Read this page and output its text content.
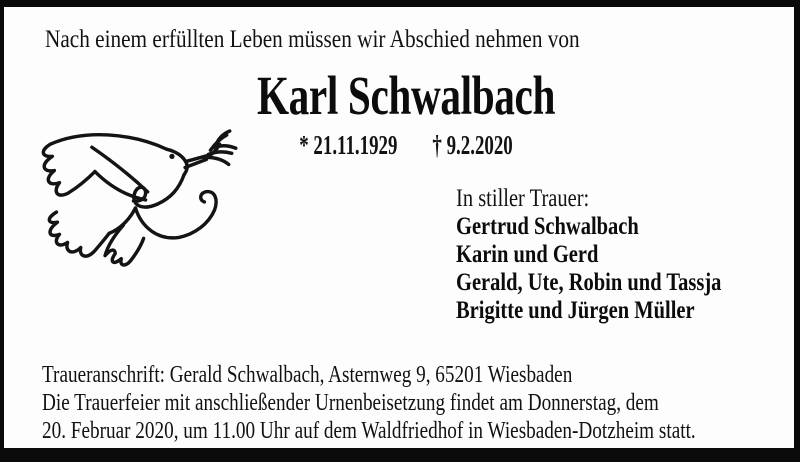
Nach einem erfüllten Leben müssen wir Abschied nehmen von
Karl Schwalbach
* 21.11.1929 † 9.2.2020
In stiller Trauer:
Gertrud Schwalbach
Karin und Gerd
Gerald, Ute, Robin und Tassja
Brigitte und Jürgen Müller
Traueranschrift: Gerald Schwalbach, Asternweg 9, 65201 Wiesbaden
Die Trauerfeier mit anschließender Urnenbeisetzung findet am Donnerstag, dem
20. Februar 2020, um 11.00 Uhr auf dem Waldfriedhof in Wiesbaden-Dotzheim statt.
